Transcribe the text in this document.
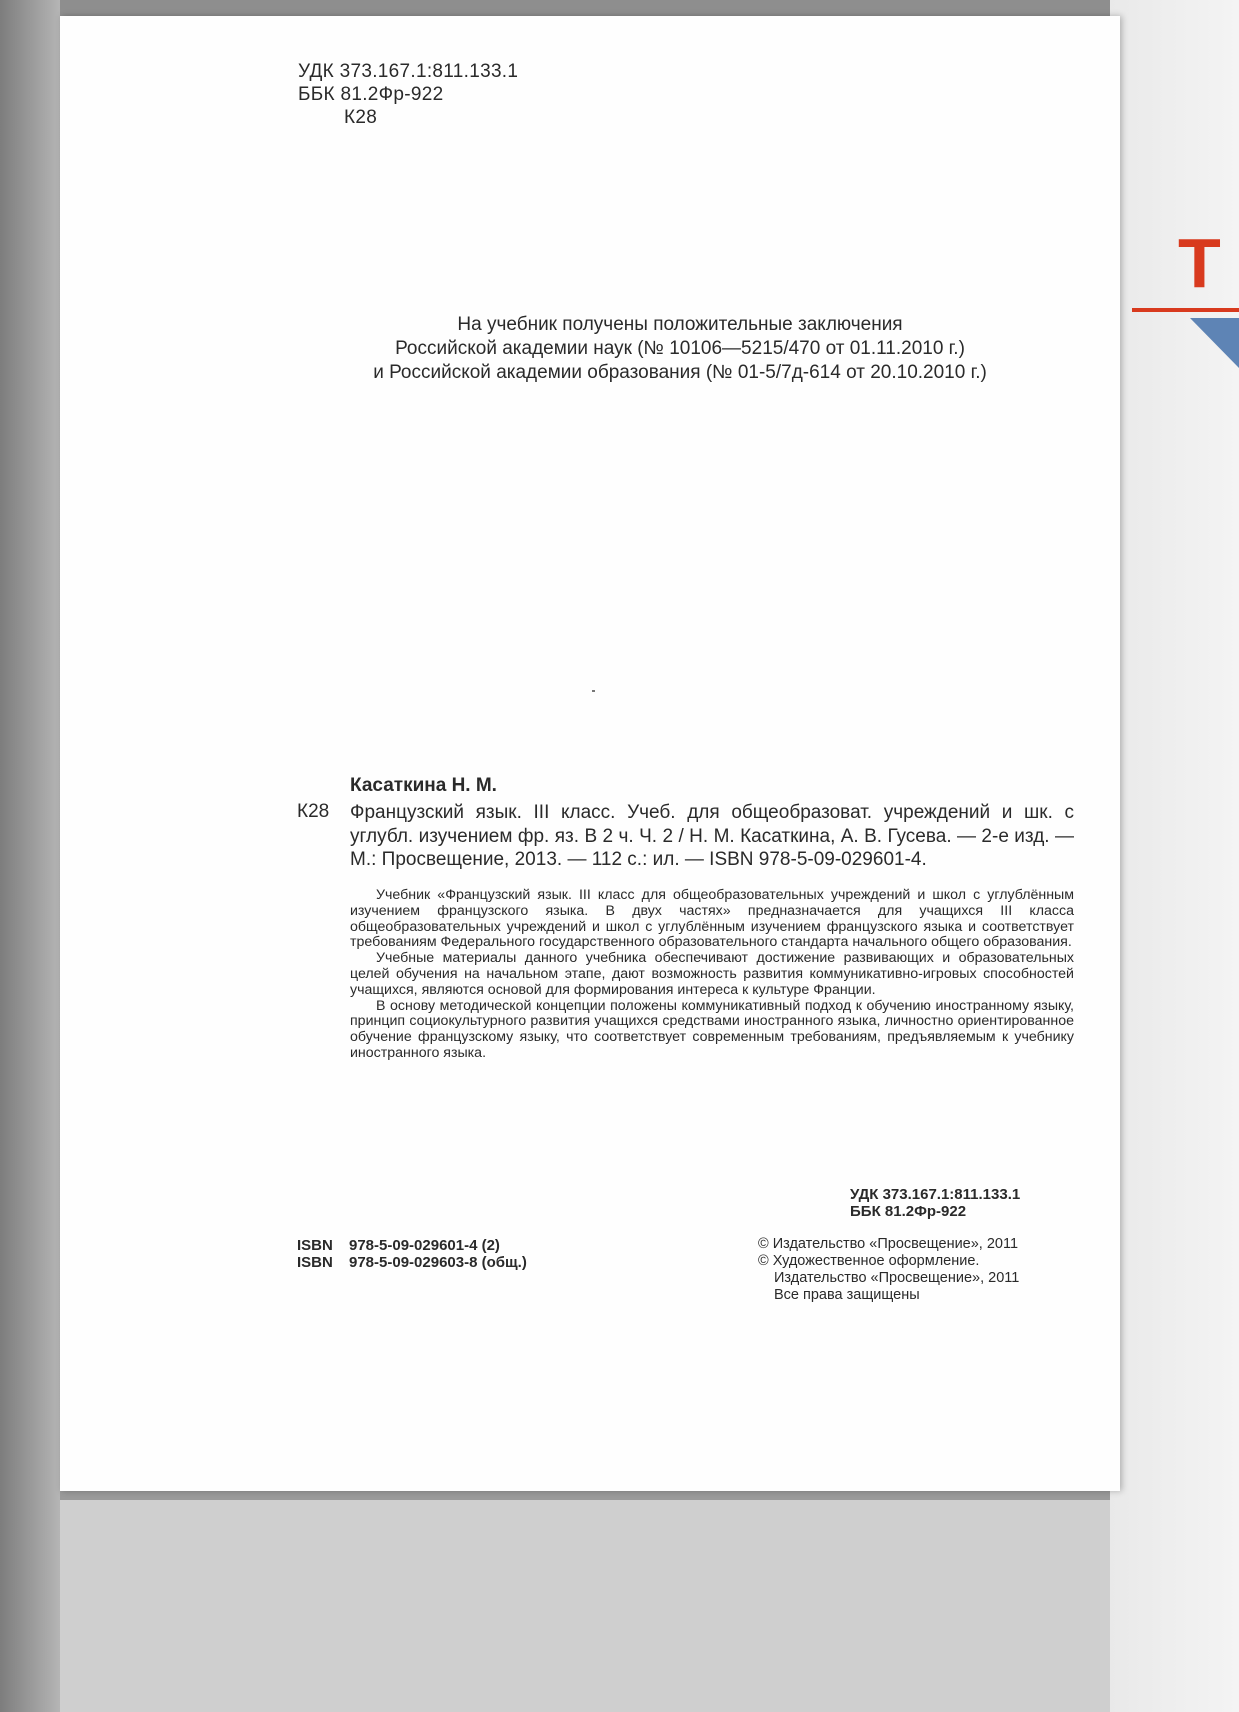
Т
УДК 373.167.1:811.133.1
ББК 81.2Фр-922
К28
На учебник получены положительные заключения
Российской академии наук (№ 10106—5215/470 от 01.11.2010 г.)
и Российской академии образования (№ 01-5/7д-614 от 20.10.2010 г.)
Касаткина Н. М.
К28 Французский язык. III класс. Учеб. для общеобразоват. учреждений и шк. с углубл. изучением фр. яз. В 2 ч. Ч. 2 / Н. М. Касаткина, А. В. Гусева. — 2-е изд. — М.: Просвещение, 2013. — 112 с.: ил. — ISBN 978-5-09-029601-4.

Учебник «Французский язык. III класс для общеобразовательных учреждений и школ с углублённым изучением французского языка. В двух частях» предназначается для учащихся III класса общеобразовательных учреждений и школ с углублённым изучением французского языка и соответствует требованиям Федерального государственного образовательного стандарта начального общего образования.

Учебные материалы данного учебника обеспечивают достижение развивающих и образовательных целей обучения на начальном этапе, дают возможность развития коммуникативно-игровых способностей учащихся, являются основой для формирования интереса к культуре Франции.

В основу методической концепции положены коммуникативный подход к обучению иностранному языку, принцип социокультурного развития учащихся средствами иностранного языка, личностно ориентированное обучение французскому языку, что соответствует современным требованиям, предъявляемым к учебнику иностранного языка.

УДК 373.167.1:811.133.1
ББК 81.2Фр-922
ISBN 978-5-09-029601-4 (2)
ISBN 978-5-09-029603-8 (общ.)
© Издательство «Просвещение», 2011
© Художественное оформление.
Издательство «Просвещение», 2011
Все права защищены
